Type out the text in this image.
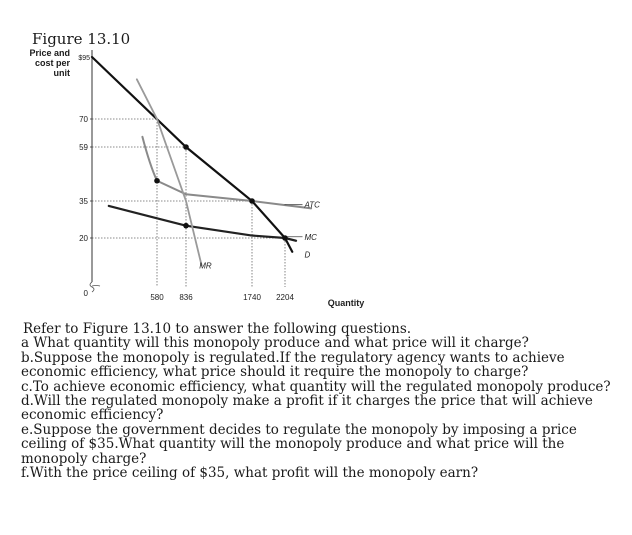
Figure 13.10
Price and cost per unit
$95
70
59
35
20
0	580 836	1740 2204
Quantity
ATC
MC
D
MR

Refer to Figure 13.10 to answer the following questions.

a What quantity will this monopoly produce and what price will it charge?

b.Suppose the monopoly is regulated.If the regulatory agency wants to achieve economic efficiency, what price should it require the monopoly to charge?

c.To achieve economic efficiency, what quantity will the regulated monopoly produce?

d.Will the regulated monopoly make a profit if it charges the price that will achieve economic efficiency?

e.Suppose the government decides to regulate the monopoly by imposing a price ceiling of $35.What quantity will the monopoly produce and what price will the monopoly charge?

f.With the price ceiling of $35, what profit will the monopoly earn?
